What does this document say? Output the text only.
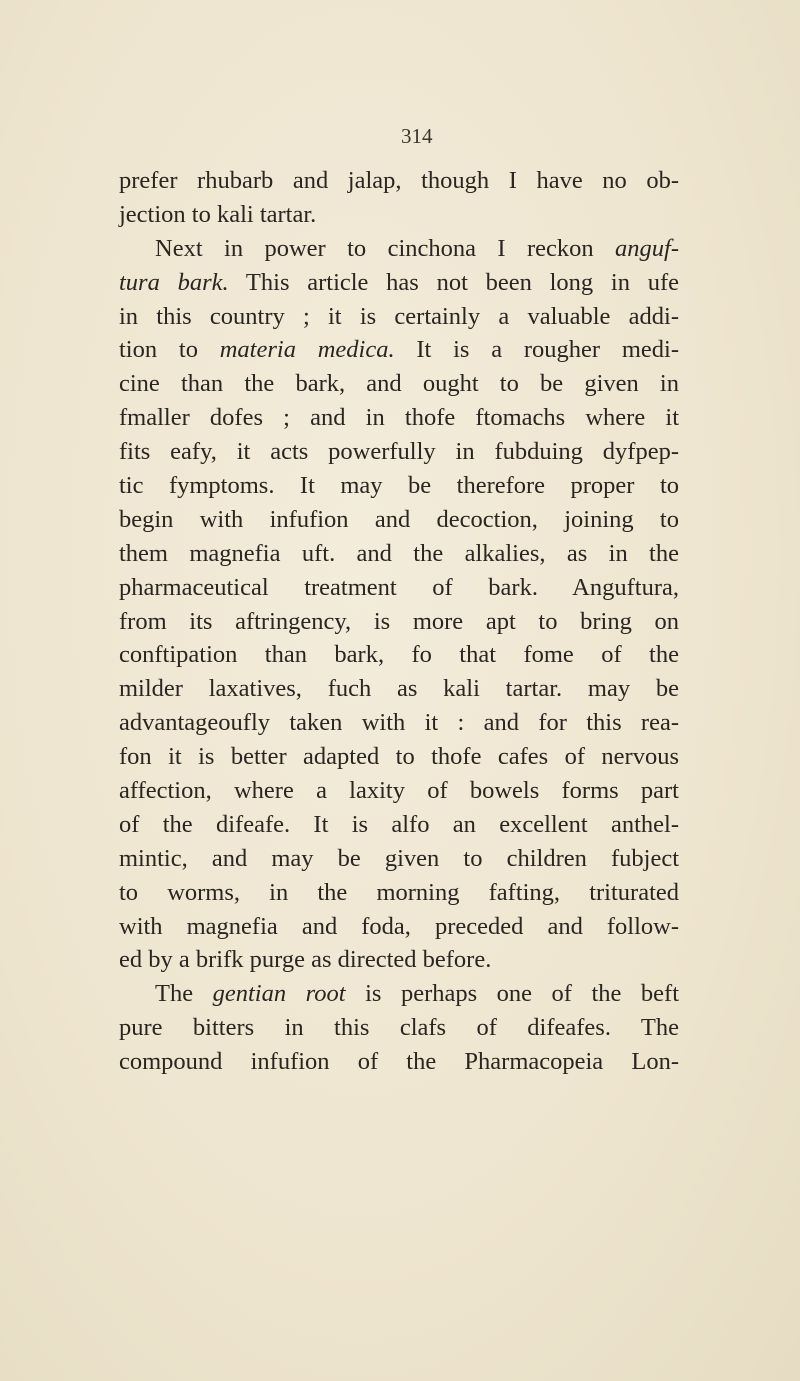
314
prefer rhubarb and jalap, though I have no ob-
jection to kali tartar.
Next in power to cinchona I reckon anguf-
tura bark. This article has not been long in ufe
in this country ; it is certainly a valuable addi-
tion to materia medica. It is a rougher medi-
cine than the bark, and ought to be given in
fmaller dofes ; and in thofe ftomachs where it
fits eafy, it acts powerfully in fubduing dyfpep-
tic fymptoms. It may be therefore proper to
begin with infufion and decoction, joining to
them magnefia uft. and the alkalies, as in the
pharmaceutical treatment of bark. Anguftura,
from its aftringency, is more apt to bring on
conftipation than bark, fo that fome of the
milder laxatives, fuch as kali tartar. may be
advantageoufly taken with it : and for this rea-
fon it is better adapted to thofe cafes of nervous
affection, where a laxity of bowels forms part
of the difeafe. It is alfo an excellent anthel-
mintic, and may be given to children fubject
to worms, in the morning fafting, triturated
with magnefia and foda, preceded and follow-
ed by a brifk purge as directed before.
The gentian root is perhaps one of the beft
pure bitters in this clafs of difeafes. The
compound infufion of the Pharmacopeia Lon-
